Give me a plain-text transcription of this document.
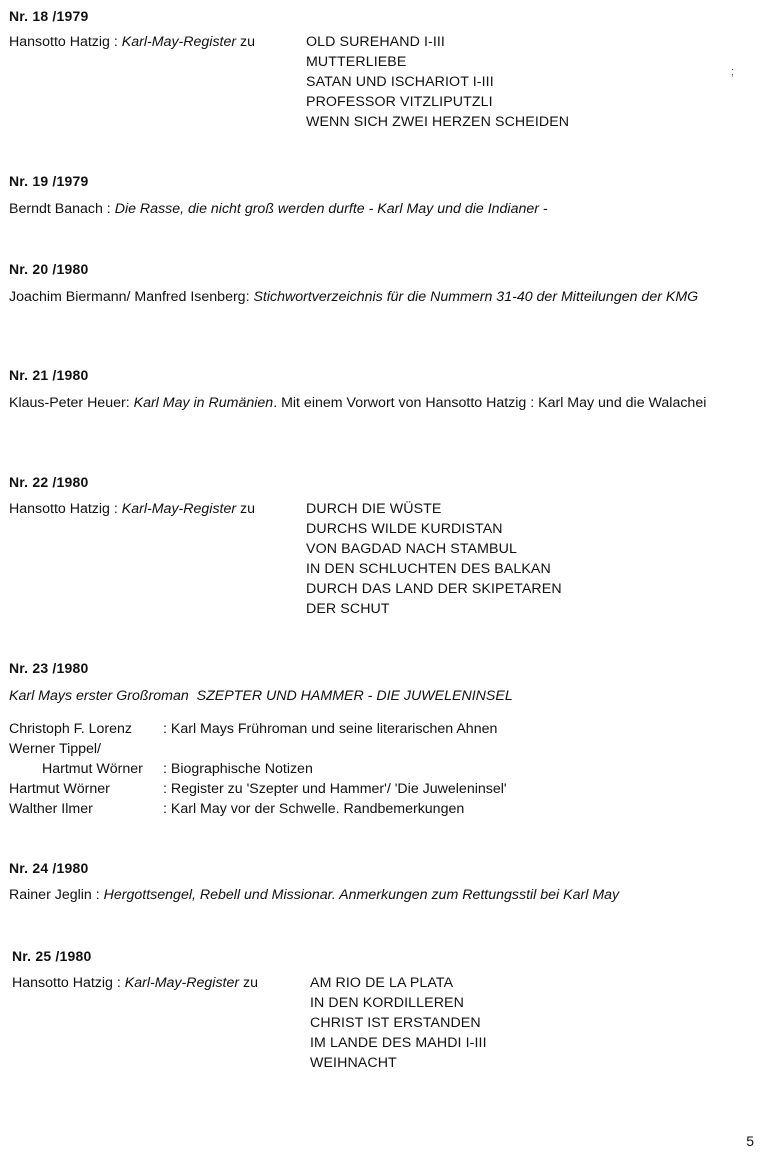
Nr. 18 /1979
Hansotto Hatzig : Karl-May-Register zu	OLD SUREHAND I-III
MUTTERLIEBE
SATAN UND ISCHARIOT I-III
PROFESSOR VITZLIPUTZLI
WENN SICH ZWEI HERZEN SCHEIDEN
;
Nr. 19 /1979
Berndt Banach : Die Rasse, die nicht groß werden durfte - Karl May und die Indianer -
Nr. 20 /1980
Joachim Biermann/ Manfred Isenberg: Stichwortverzeichnis für die Nummern 31-40 der Mitteilungen der KMG
Nr. 21 /1980
Klaus-Peter Heuer: Karl May in Rumänien. Mit einem Vorwort von Hansotto Hatzig : Karl May und die Walachei
Nr. 22 /1980
Hansotto Hatzig : Karl-May-Register zu	DURCH DIE WÜSTE
DURCHS WILDE KURDISTAN
VON BAGDAD NACH STAMBUL
IN DEN SCHLUCHTEN DES BALKAN
DURCH DAS LAND DER SKIPETAREN
DER SCHUT
Nr. 23 /1980
Karl Mays erster Großroman  SZEPTER UND HAMMER - DIE JUWELENINSEL
Christoph F. Lorenz : Karl Mays Frühroman und seine literarischen Ahnen
Werner Tippel/
Hartmut Wörner : Biographische Notizen
Hartmut Wörner	: Register zu 'Szepter und Hammer'/ 'Die Juweleninsel'
Walther Ilmer	: Karl May vor der Schwelle. Randbemerkungen
Nr. 24 /1980
Rainer Jeglin : Hergottsengel, Rebell und Missionar. Anmerkungen zum Rettungsstil bei Karl May
Nr. 25 /1980
Hansotto Hatzig : Karl-May-Register zu	AM RIO DE LA PLATA
IN DEN KORDILLEREN
CHRIST IST ERSTANDEN
IM LANDE DES MAHDI I-III
WEIHNACHT
5
